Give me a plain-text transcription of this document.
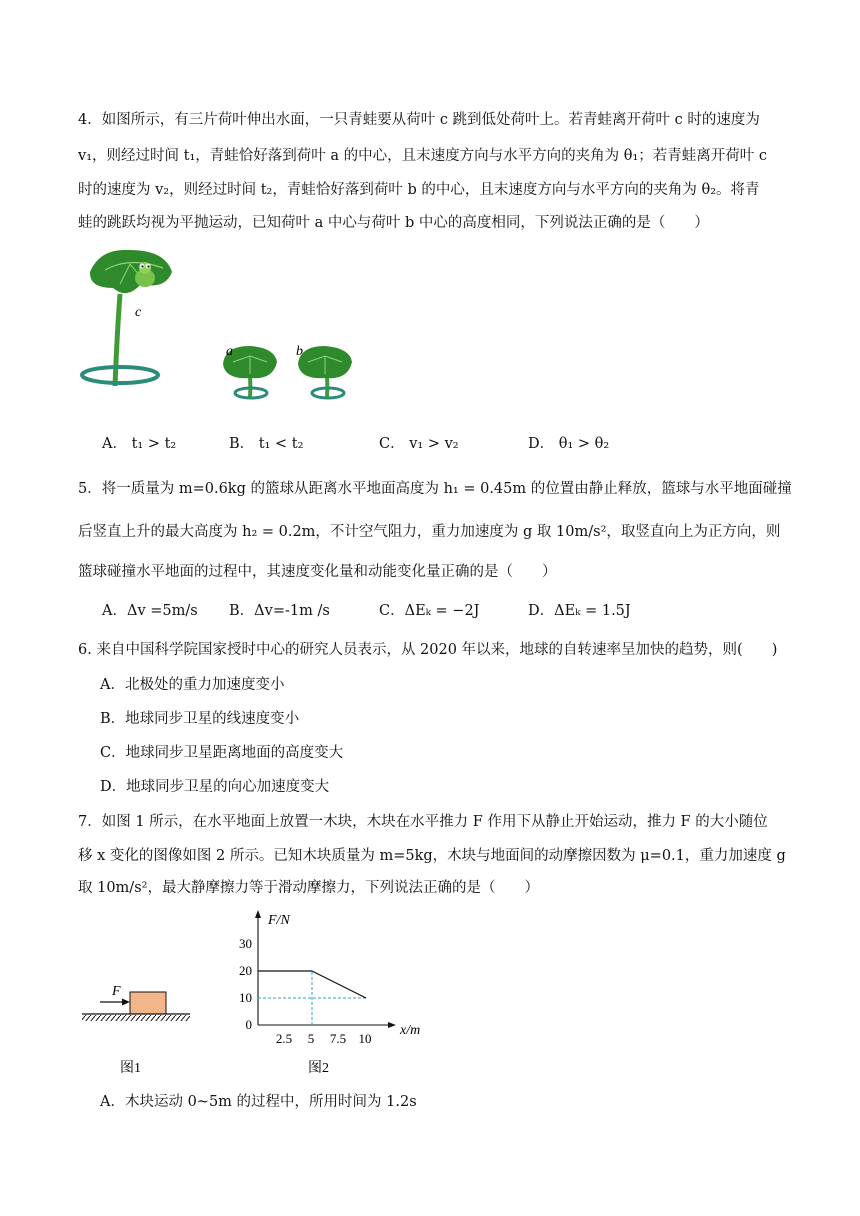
4．如图所示，有三片荷叶伸出水面，一只青蛙要从荷叶 c 跳到低处荷叶上。若青蛙离开荷叶 c 时的速度为
v₁，则经过时间 t₁，青蛙恰好落到荷叶 a 的中心，且末速度方向与水平方向的夹角为 θ₁；若青蛙离开荷叶 c
时的速度为 v₂，则经过时间 t₂，青蛙恰好落到荷叶 b 的中心，且末速度方向与水平方向的夹角为 θ₂。将青
蛙的跳跃均视为平抛运动，已知荷叶 a 中心与荷叶 b 中心的高度相同，下列说法正确的是（　　）
c
a	b
A． t₁ > t₂	B． t₁ < t₂	C． v₁ > v₂	D． θ₁ > θ₂
5．将一质量为 m=0.6kg 的篮球从距离水平地面高度为 h₁ = 0.45m 的位置由静止释放，篮球与水平地面碰撞
后竖直上升的最大高度为 h₂ = 0.2m，不计空气阻力，重力加速度为 g 取 10m/s²，取竖直向上为正方向，则
篮球碰撞水平地面的过程中，其速度变化量和动能变化量正确的是（　　）
A．Δv =5m/s B．Δv=-1m /s	C．ΔEₖ = −2J	D．ΔEₖ = 1.5J
6. 来自中国科学院国家授时中心的研究人员表示，从 2020 年以来，地球的自转速率呈加快的趋势，则(　　)
A．北极处的重力加速度变小
B．地球同步卫星的线速度变小
C．地球同步卫星距离地面的高度变大
D．地球同步卫星的向心加速度变大
7．如图 1 所示，在水平地面上放置一木块，木块在水平推力 F 作用下从静止开始运动，推力 F 的大小随位
移 x 变化的图像如图 2 所示。已知木块质量为 m=5kg，木块与地面间的动摩擦因数为 μ=0.1，重力加速度 g
取 10m/s²，最大静摩擦力等于滑动摩擦力，下列说法正确的是（　　）
F
图1
30
20
10
0
2.5 5 7.5 10
F/N
x/m
图2
A．木块运动 0~5m 的过程中，所用时间为 1.2s
